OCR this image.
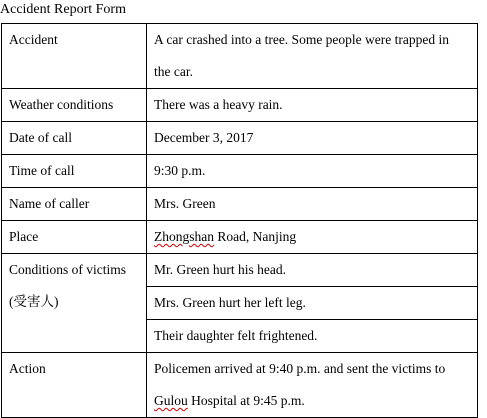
Accident Report Form
Accident	A car crashed into a tree. Some people were trapped in
the car.

Weather conditions	There was a heavy rain.
Date of call	December 3, 2017
Time of call	9:30 p.m.
Name of caller	Mrs. Green
Place	Zhongshan Road, Nanjing

Conditions of victims
(受害人)	Mr. Green hurt his head.
	Mrs. Green hurt her left leg.
	Their daughter felt frightened.

Action	Policemen arrived at 9:40 p.m. and sent the victims to
Gulou Hospital at 9:45 p.m.
